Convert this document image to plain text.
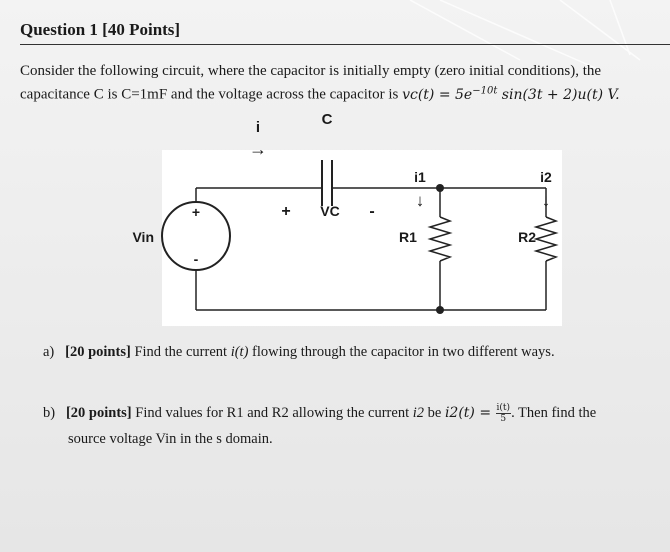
Question 1 [40 Points]
Consider the following circuit, where the capacitor is initially empty (zero initial conditions), the
capacitance C is C=1mF and the voltage across the capacitor is $vc(t) = 5e^{-10t}$ sin(3t + 2)u(t) V.
i
→
C
+ VC -
i1
↓
i2
↓
R1	R2
Vin
+
-
a) [20 points] Find the current i(t) flowing through the capacitor in two different ways.
b) [20 points] Find values for R1 and R2 allowing the current i2 be $i2(t) = \frac{i(t)}{5}$ . Then find the
source voltage Vin in the s domain.
